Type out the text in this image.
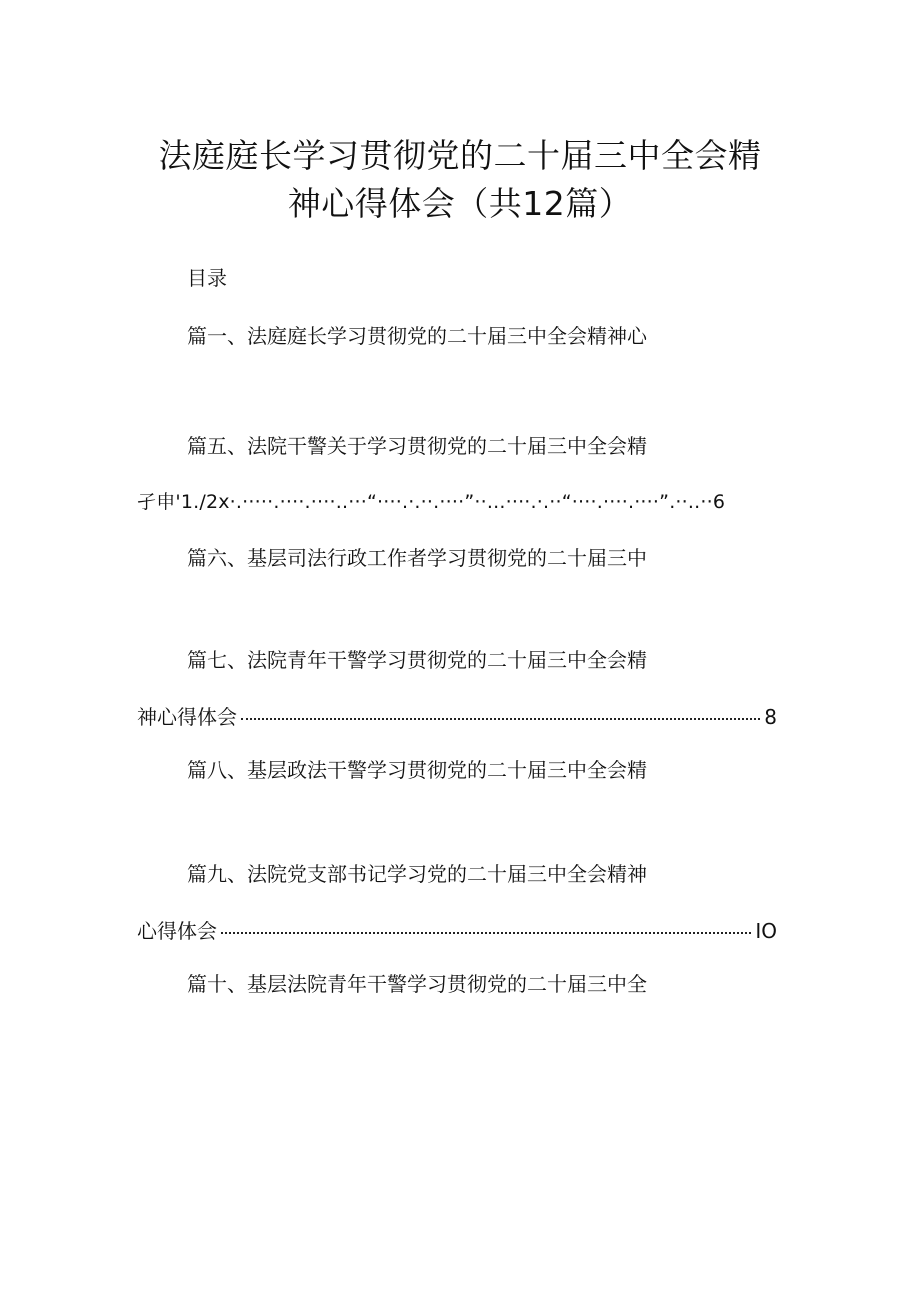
法庭庭长学习贯彻党的二十届三中全会精
神心得体会（共12篇）
目录
篇一、法庭庭长学习贯彻党的二十届三中全会精神心
篇五、法院干警关于学习贯彻党的二十届三中全会精
孑申'1./2x·.·····.····.····..···“····.·.··.····”··...····.·.··“····.····.····”.··..··6
篇六、基层司法行政工作者学习贯彻党的二十届三中
篇七、法院青年干警学习贯彻党的二十届三中全会精
神心得体会	8
篇八、基层政法干警学习贯彻党的二十届三中全会精
篇九、法院党支部书记学习党的二十届三中全会精神
心得体会	IO
篇十、基层法院青年干警学习贯彻党的二十届三中全
